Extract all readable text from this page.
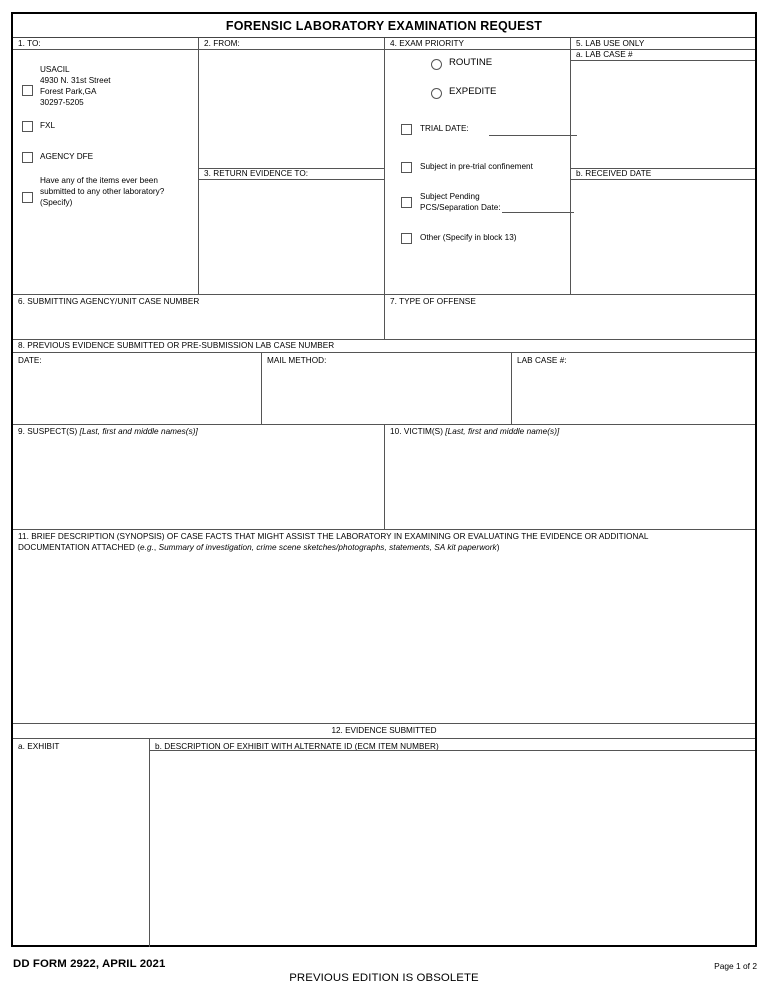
FORENSIC LABORATORY EXAMINATION REQUEST
1. TO:
USACIL
4930 N. 31st Street
Forest Park,GA
30297-5205
FXL
AGENCY DFE
Have any of the items ever been
submitted to any other laboratory?
(Specify)
2. FROM:
3. RETURN EVIDENCE TO:
4. EXAM PRIORITY
ROUTINE
EXPEDITE
TRIAL DATE:
Subject in pre-trial confinement
Subject Pending
PCS/Separation Date:
Other (Specify in block 13)
5. LAB USE ONLY
a. LAB CASE #
b. RECEIVED DATE
6. SUBMITTING AGENCY/UNIT CASE NUMBER	7. TYPE OF OFFENSE
8. PREVIOUS EVIDENCE SUBMITTED OR PRE-SUBMISSION LAB CASE NUMBER
DATE:	MAIL METHOD:	LAB CASE #:
9. SUSPECT(S) [Last, first and middle names(s)]	10. VICTIM(S) [Last, first and middle name(s)]
11. BRIEF DESCRIPTION (SYNOPSIS) OF CASE FACTS THAT MIGHT ASSIST THE LABORATORY IN EXAMINING OR EVALUATING THE EVIDENCE OR ADDITIONAL
DOCUMENTATION ATTACHED (e.g., Summary of investigation, crime scene sketches/photographs, statements, SA kit paperwork)
12. EVIDENCE SUBMITTED
a. EXHIBIT	b. DESCRIPTION OF EXHIBIT WITH ALTERNATE ID (ECM ITEM NUMBER)
DD FORM 2922, APRIL 2021	Page 1 of 2
PREVIOUS EDITION IS OBSOLETE
